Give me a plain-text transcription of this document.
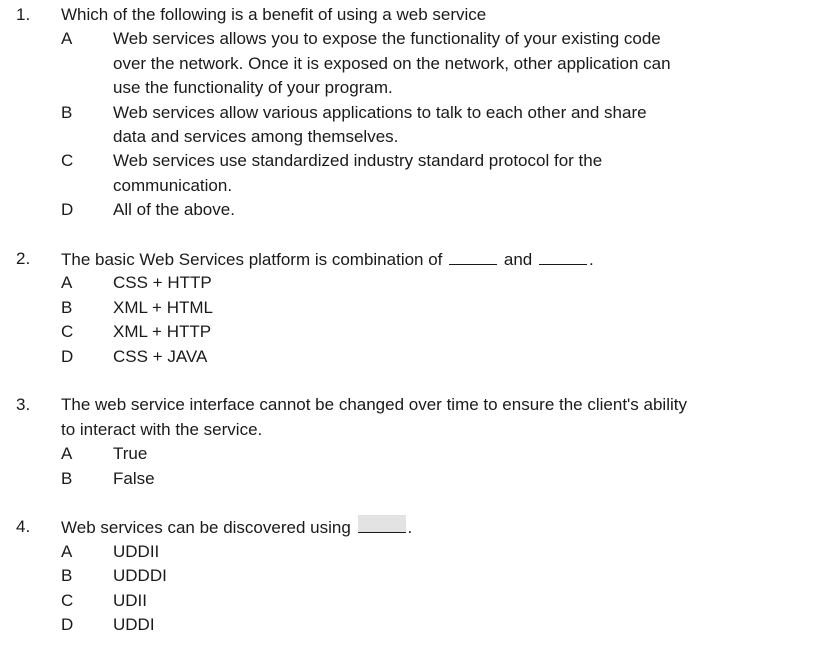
1. Which of the following is a benefit of using a web service
A Web services allows you to expose the functionality of your existing code over the network. Once it is exposed on the network, other application can use the functionality of your program.
B Web services allow various applications to talk to each other and share data and services among themselves.
C Web services use standardized industry standard protocol for the communication.
D All of the above.
2. The basic Web Services platform is combination of	and	.
A CSS + HTTP
B XML + HTML
C XML + HTTP
D CSS + JAVA
3. The web service interface cannot be changed over time to ensure the client's ability to interact with the service.
A True
B False
4. Web services can be discovered using	.
A UDDII
B UDDDI
C UDII
D UDDI
